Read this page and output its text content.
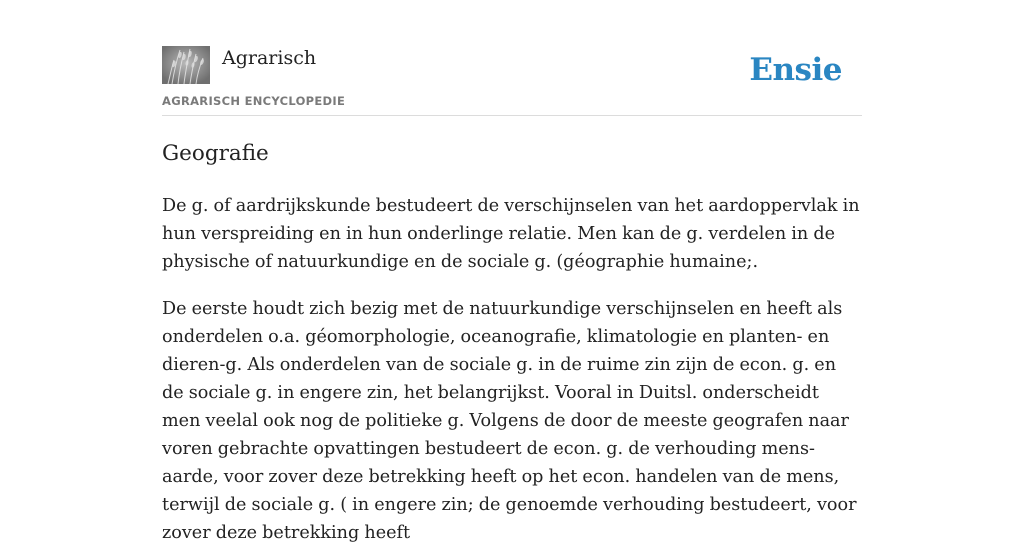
Agrarisch	Ensie
AGRARISCH ENCYCLOPEDIE
Geografie

De g. of aardrijkskunde bestudeert de verschijnselen van het aardoppervlak in hun verspreiding en in hun onderlinge relatie. Men kan de g. verdelen in de physische of natuurkundige en de sociale g. (géographie humaine;.

De eerste houdt zich bezig met de natuurkundige verschijnselen en heeft als onderdelen o.a. géomorphologie, oceanografie, klimatologie en planten- en dieren-g. Als onderdelen van de sociale g. in de ruime zin zijn de econ. g. en de sociale g. in engere zin, het belangrijkst. Vooral in Duitsl. onderscheidt men veelal ook nog de politieke g. Volgens de door de meeste geografen naar voren gebrachte opvattingen bestudeert de econ. g. de verhouding mens-aarde, voor zover deze betrekking heeft op het econ. handelen van de mens, terwijl de sociale g. ( in engere zin; de genoemde verhouding bestudeert, voor zover deze betrekking heeft
